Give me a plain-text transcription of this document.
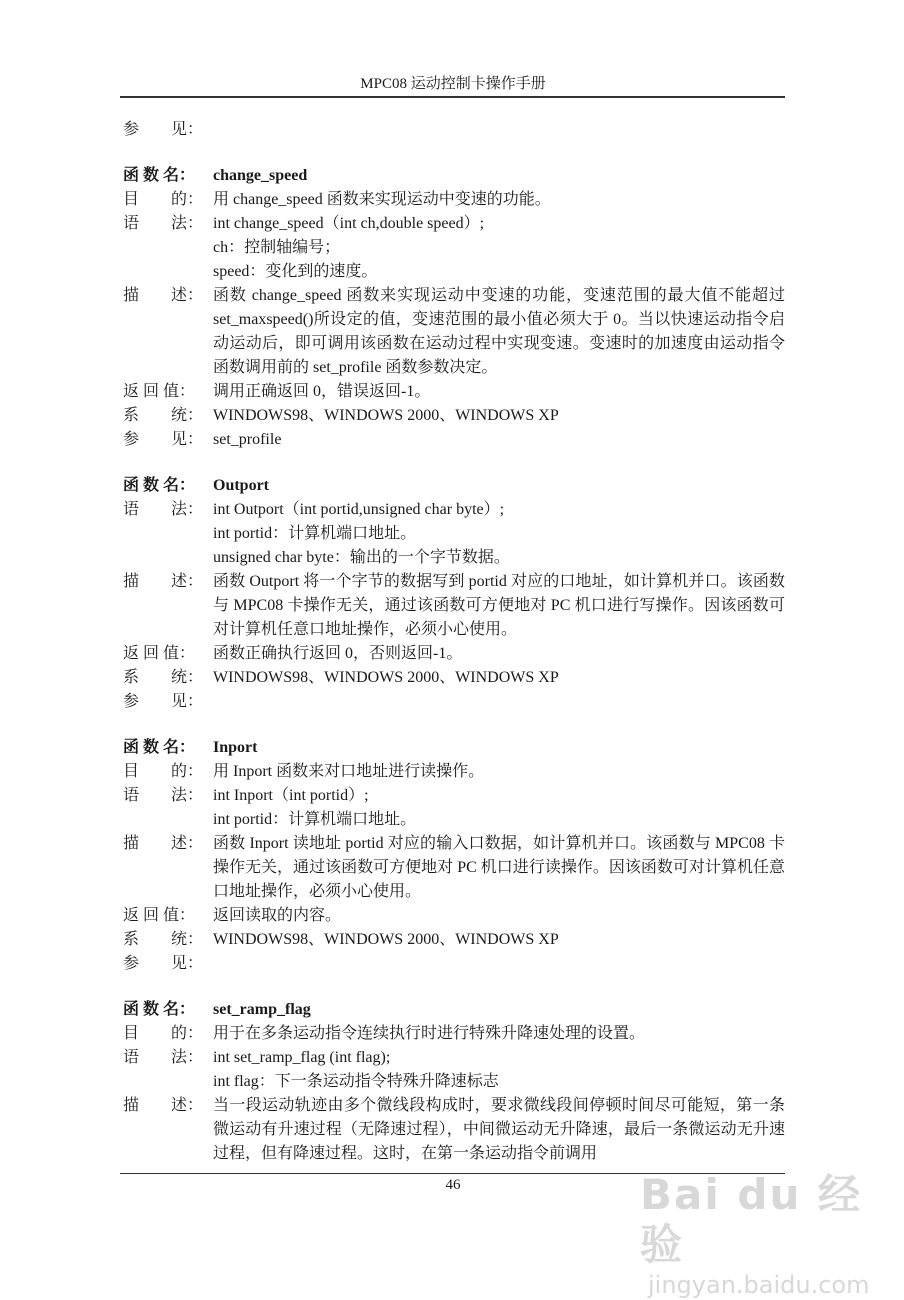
MPC08 运动控制卡操作手册
参　　见：
函 数 名：	change_speed
目　　的： 用 change_speed 函数来实现运动中变速的功能。
语　　法： int change_speed（int ch,double speed）;
ch：控制轴编号；
speed：变化到的速度。
描　　述： 函数 change_speed 函数来实现运动中变速的功能，变速范围的最大值不能超过 set_maxspeed()所设定的值，变速范围的最小值必须大于 0。当以快速运动指令启动运动后，即可调用该函数在运动过程中实现变速。变速时的加速度由运动指令函数调用前的 set_profile 函数参数决定。
返 回 值：	调用正确返回 0，错误返回-1。
系　　统： WINDOWS98、WINDOWS 2000、WINDOWS XP
参　　见： set_profile
函 数 名：	Outport
语　　法： int Outport（int portid,unsigned char byte）;
int portid：计算机端口地址。
unsigned char byte：输出的一个字节数据。
描　　述： 函数 Outport 将一个字节的数据写到 portid 对应的口地址，如计算机并口。该函数与 MPC08 卡操作无关，通过该函数可方便地对 PC 机口进行写操作。因该函数可对计算机任意口地址操作，必须小心使用。
返 回 值：	函数正确执行返回 0，否则返回-1。
系　　统： WINDOWS98、WINDOWS 2000、WINDOWS XP
参　　见：
函 数 名：	Inport
目　　的： 用 Inport 函数来对口地址进行读操作。
语　　法： int Inport（int portid）;
int portid：计算机端口地址。
描　　述： 函数 Inport 读地址 portid 对应的输入口数据，如计算机并口。该函数与 MPC08 卡操作无关，通过该函数可方便地对 PC 机口进行读操作。因该函数可对计算机任意口地址操作，必须小心使用。
返 回 值：	返回读取的内容。
系　　统： WINDOWS98、WINDOWS 2000、WINDOWS XP
参　　见：
函 数 名：	set_ramp_flag
目　　的： 用于在多条运动指令连续执行时进行特殊升降速处理的设置。
语　　法： int set_ramp_flag (int flag);
int flag：下一条运动指令特殊升降速标志
描　　述： 当一段运动轨迹由多个微线段构成时，要求微线段间停顿时间尽可能短，第一条微运动有升速过程（无降速过程），中间微运动无升降速，最后一条微运动无升速过程，但有降速过程。这时，在第一条运动指令前调用
46	Bai du 经验
jingyan.baidu.com
